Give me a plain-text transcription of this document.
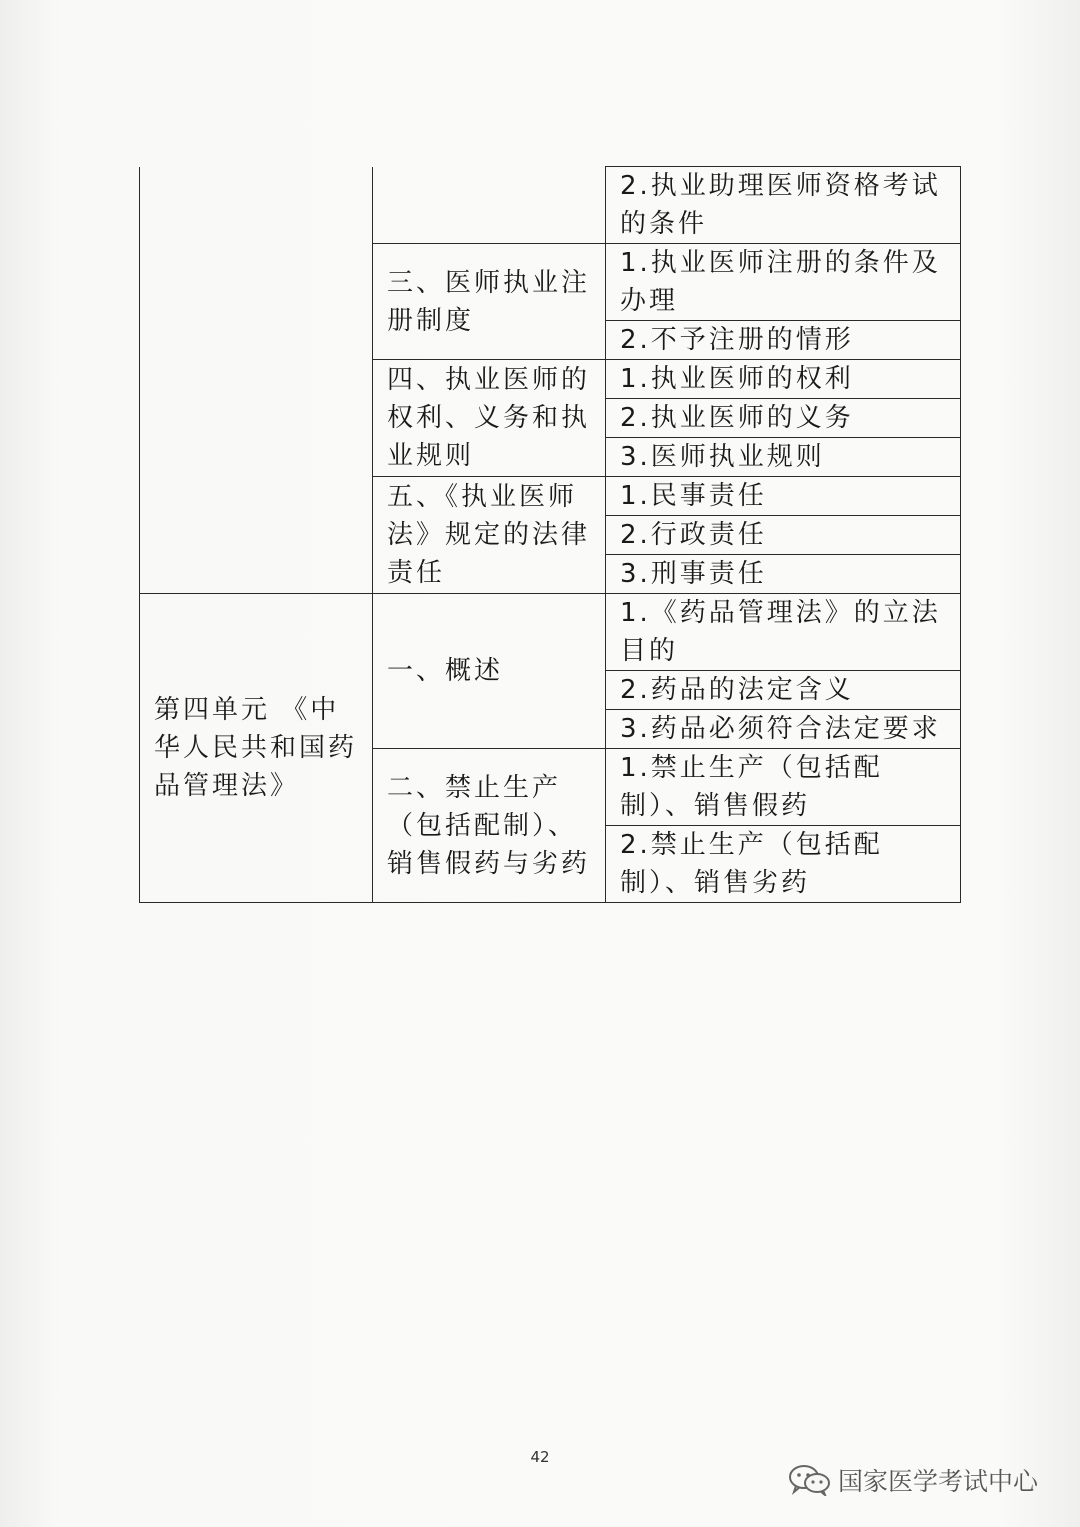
		2.执业助理医师资格考试的条件
	三、医师执业注册制度	1.执业医师注册的条件及办理
		2.不予注册的情形
	四、执业医师的权利、义务和执业规则	1.执业医师的权利
		2.执业医师的义务
		3.医师执业规则
	五、《执业医师法》规定的法律责任	1.民事责任
		2.行政责任
		3.刑事责任
第四单元 《中华人民共和国药品管理法》	一、概述	1.《药品管理法》的立法目的
		2.药品的法定含义
		3.药品必须符合法定要求
	二、禁止生产（包括配制）、销售假药与劣药	1.禁止生产（包括配制）、销售假药
		2.禁止生产（包括配制）、销售劣药
42
国家医学考试中心
